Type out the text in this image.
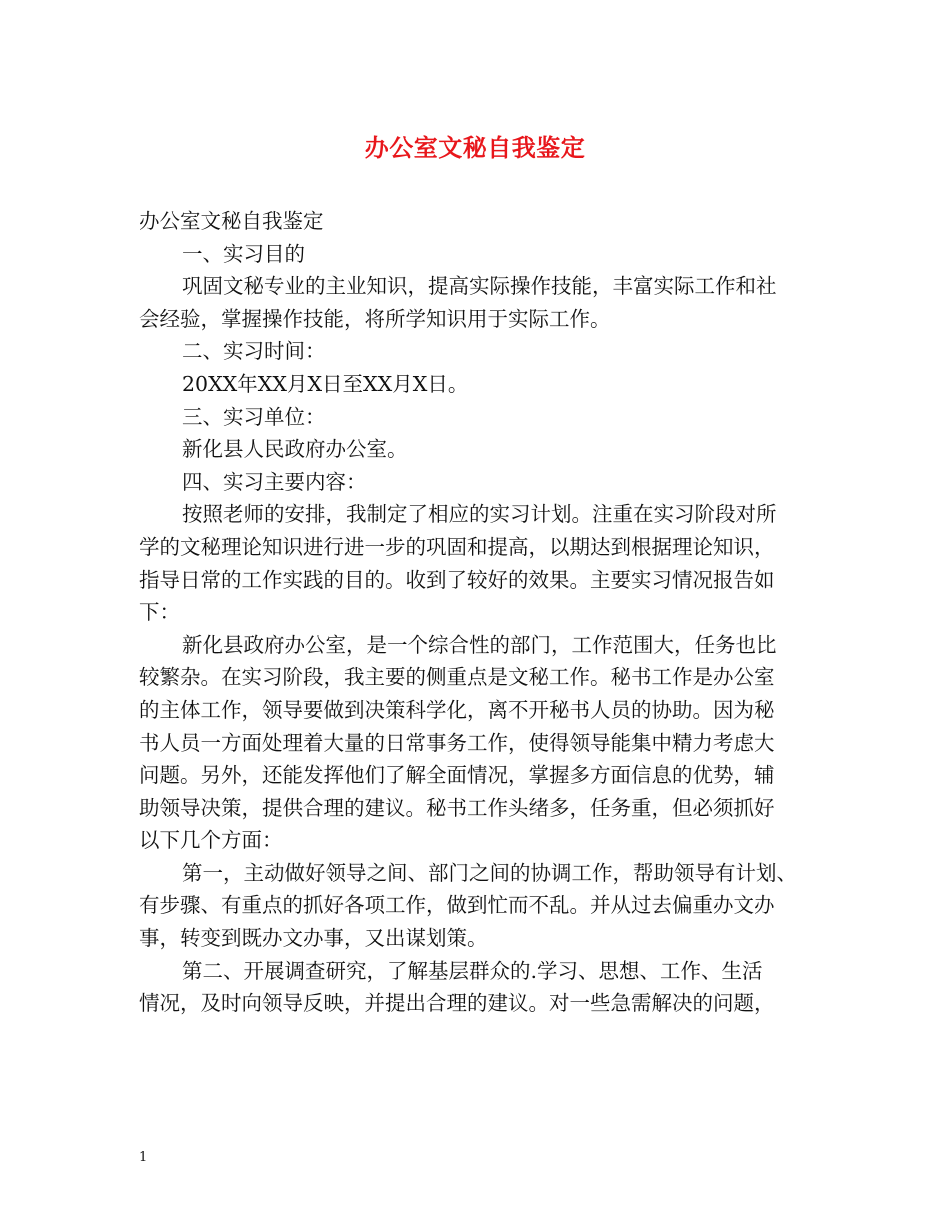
办公室文秘自我鉴定

办公室文秘自我鉴定

一、实习目的

巩固文秘专业的主业知识，提高实际操作技能，丰富实际工作和社

会经验，掌握操作技能，将所学知识用于实际工作。

二、实习时间：

20XX年XX月X日至XX月X日。

三、实习单位：

新化县人民政府办公室。

四、实习主要内容：

按照老师的安排，我制定了相应的实习计划。注重在实习阶段对所

学的文秘理论知识进行进一步的巩固和提高，以期达到根据理论知识，

指导日常的工作实践的目的。收到了较好的效果。主要实习情况报告如

下：

新化县政府办公室，是一个综合性的部门，工作范围大，任务也比

较繁杂。在实习阶段，我主要的侧重点是文秘工作。秘书工作是办公室

的主体工作，领导要做到决策科学化，离不开秘书人员的协助。因为秘

书人员一方面处理着大量的日常事务工作，使得领导能集中精力考虑大

问题。另外，还能发挥他们了解全面情况，掌握多方面信息的优势，辅

助领导决策，提供合理的建议。秘书工作头绪多，任务重，但必须抓好

以下几个方面：

第一，主动做好领导之间、部门之间的协调工作，帮助领导有计划、

有步骤、有重点的抓好各项工作，做到忙而不乱。并从过去偏重办文办

事，转变到既办文办事，又出谋划策。

第二、开展调查研究，了解基层群众的.学习、思想、工作、生活

情况，及时向领导反映，并提出合理的建议。对一些急需解决的问题，

1
